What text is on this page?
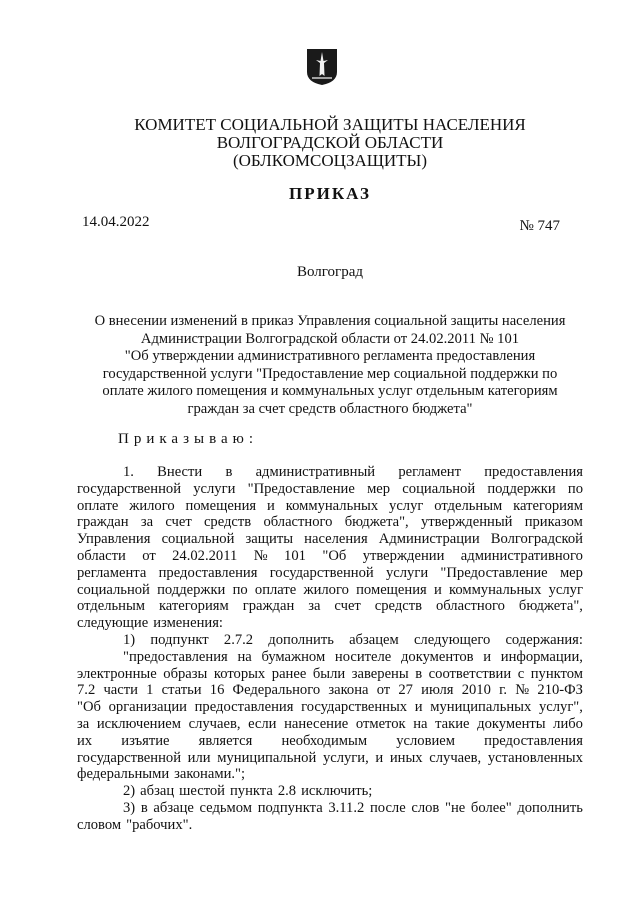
КОМИТЕТ СОЦИАЛЬНОЙ ЗАЩИТЫ НАСЕЛЕНИЯ
ВОЛГОГРАДСКОЙ ОБЛАСТИ
(ОБЛКОМСОЦЗАЩИТЫ)
ПРИКАЗ
14.04.2022	№ 747
Волгоград
О внесении изменений в приказ Управления социальной защиты населения
Администрации Волгоградской области от 24.02.2011 № 101
"Об утверждении административного регламента предоставления
государственной услуги "Предоставление мер социальной поддержки по
оплате жилого помещения и коммунальных услуг отдельным категориям
граждан за счет средств областного бюджета"
Приказываю:
1. Внести в административный регламент предоставления
государственной услуги "Предоставление мер социальной поддержки по
оплате жилого помещения и коммунальных услуг отдельным категориям
граждан за счет средств областного бюджета", утвержденный приказом
Управления социальной защиты населения Администрации Волгоградской
области от 24.02.2011 № 101 "Об утверждении административного
регламента предоставления государственной услуги "Предоставление мер
социальной поддержки по оплате жилого помещения и коммунальных услуг
отдельным категориям граждан за счет средств областного бюджета",
следующие изменения:
1) подпункт 2.7.2 дополнить абзацем следующего содержания:
"предоставления на бумажном носителе документов и информации,
электронные образы которых ранее были заверены в соответствии с пунктом
7.2 части 1 статьи 16 Федерального закона от 27 июля 2010 г. № 210-ФЗ
"Об организации предоставления государственных и муниципальных услуг",
за исключением случаев, если нанесение отметок на такие документы либо
их изъятие является необходимым условием предоставления
государственной или муниципальной услуги, и иных случаев, установленных
федеральными законами.";
2) абзац шестой пункта 2.8 исключить;
3) в абзаце седьмом подпункта 3.11.2 после слов "не более" дополнить
словом "рабочих".
